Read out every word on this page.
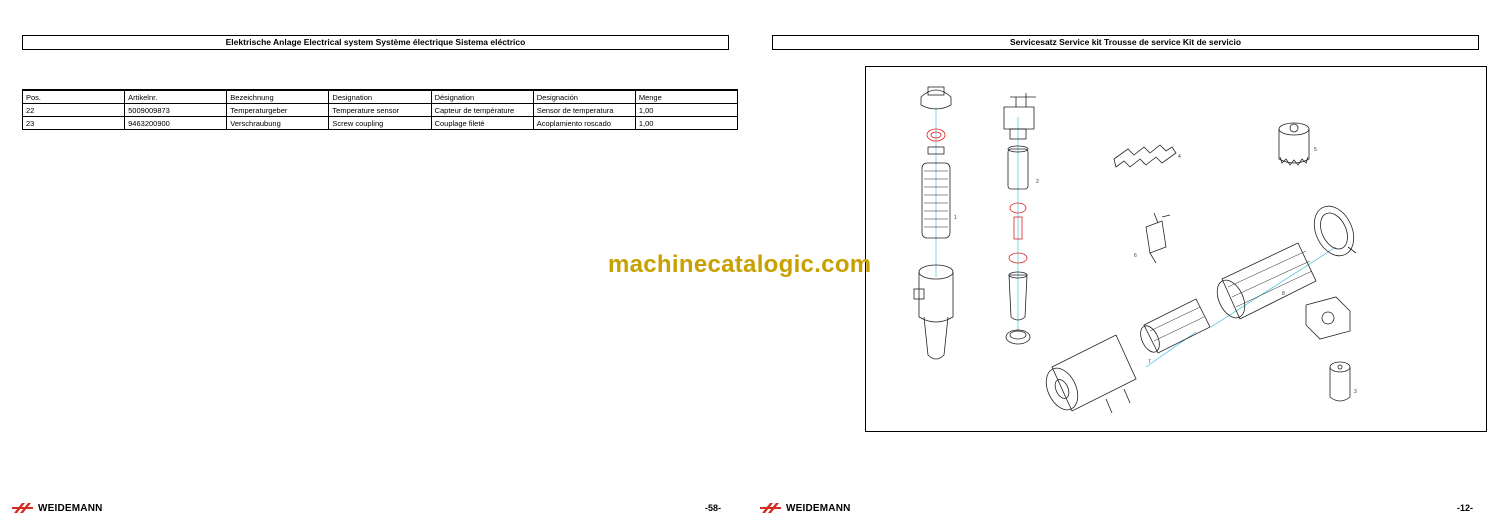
Elektrische Anlage Electrical system Système électrique Sistema eléctrico	Servicesatz Service kit Trousse de service Kit de servicio
Pos.	Artikelnr.	Bezeichnung	Designation	Désignation	Designación	Menge
22	5009009873	Temperaturgeber	Temperature sensor	Capteur de température	Sensor de temperatura	1,00
23	9463200900	Verschraubung	Screw coupling	Couplage fileté	Acoplamiento roscado	1,00
1
2
4
5
6
8
7
3
machinecatalogic.com
WEIDEMANN	-58-	WEIDEMANN	-12-
